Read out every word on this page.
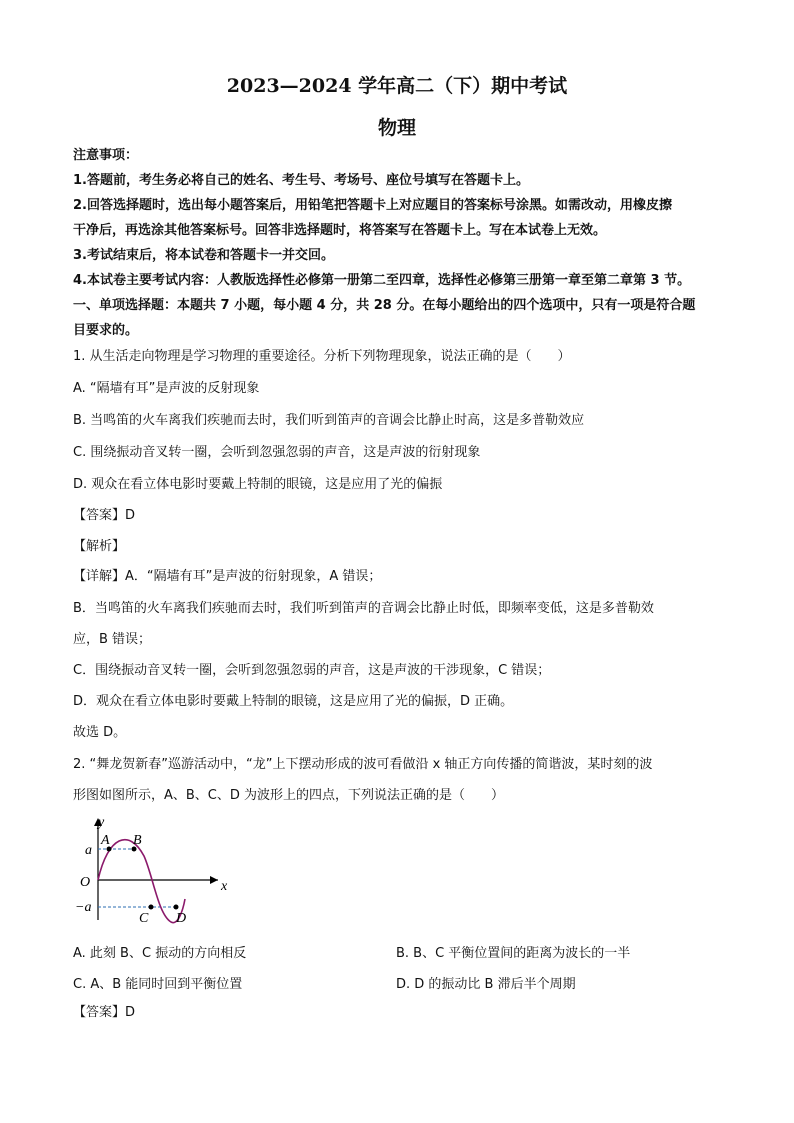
2023—2024 学年高二（下）期中考试
物理
注意事项：
1.答题前，考生务必将自己的姓名、考生号、考场号、座位号填写在答题卡上。
2.回答选择题时，选出每小题答案后，用铅笔把答题卡上对应题目的答案标号涂黑。如需改动，用橡皮擦
干净后，再选涂其他答案标号。回答非选择题时，将答案写在答题卡上。写在本试卷上无效。
3.考试结束后，将本试卷和答题卡一并交回。
4.本试卷主要考试内容：人教版选择性必修第一册第二至四章，选择性必修第三册第一章至第二章第 3 节。
一、单项选择题：本题共 7 小题，每小题 4 分，共 28 分。在每小题给出的四个选项中，只有一项是符合题
目要求的。
1. 从生活走向物理是学习物理的重要途径。分析下列物理现象，说法正确的是（　　）
A. “隔墙有耳”是声波的反射现象
B. 当鸣笛的火车离我们疾驰而去时，我们听到笛声的音调会比静止时高，这是多普勒效应
C. 围绕振动音叉转一圈，会听到忽强忽弱的声音，这是声波的衍射现象
D. 观众在看立体电影时要戴上特制的眼镜，这是应用了光的偏振
【答案】D
【解析】
【详解】A．“隔墙有耳”是声波的衍射现象，A 错误；
B．当鸣笛的火车离我们疾驰而去时，我们听到笛声的音调会比静止时低，即频率变低，这是多普勒效
应，B 错误；
C．围绕振动音叉转一圈，会听到忽强忽弱的声音，这是声波的干涉现象，C 错误；
D．观众在看立体电影时要戴上特制的眼镜，这是应用了光的偏振，D 正确。
故选 D。
2. “舞龙贺新春”巡游活动中，“龙”上下摆动形成的波可看做沿 x 轴正方向传播的简谐波，某时刻的波
形图如图所示，A、B、C、D 为波形上的四点，下列说法正确的是（　　）
y
x
O
a
−a
A B
C D
A. 此刻 B、C 振动的方向相反	B. B、C 平衡位置间的距离为波长的一半
C. A、B 能同时回到平衡位置	D. D 的振动比 B 滞后半个周期
【答案】D
